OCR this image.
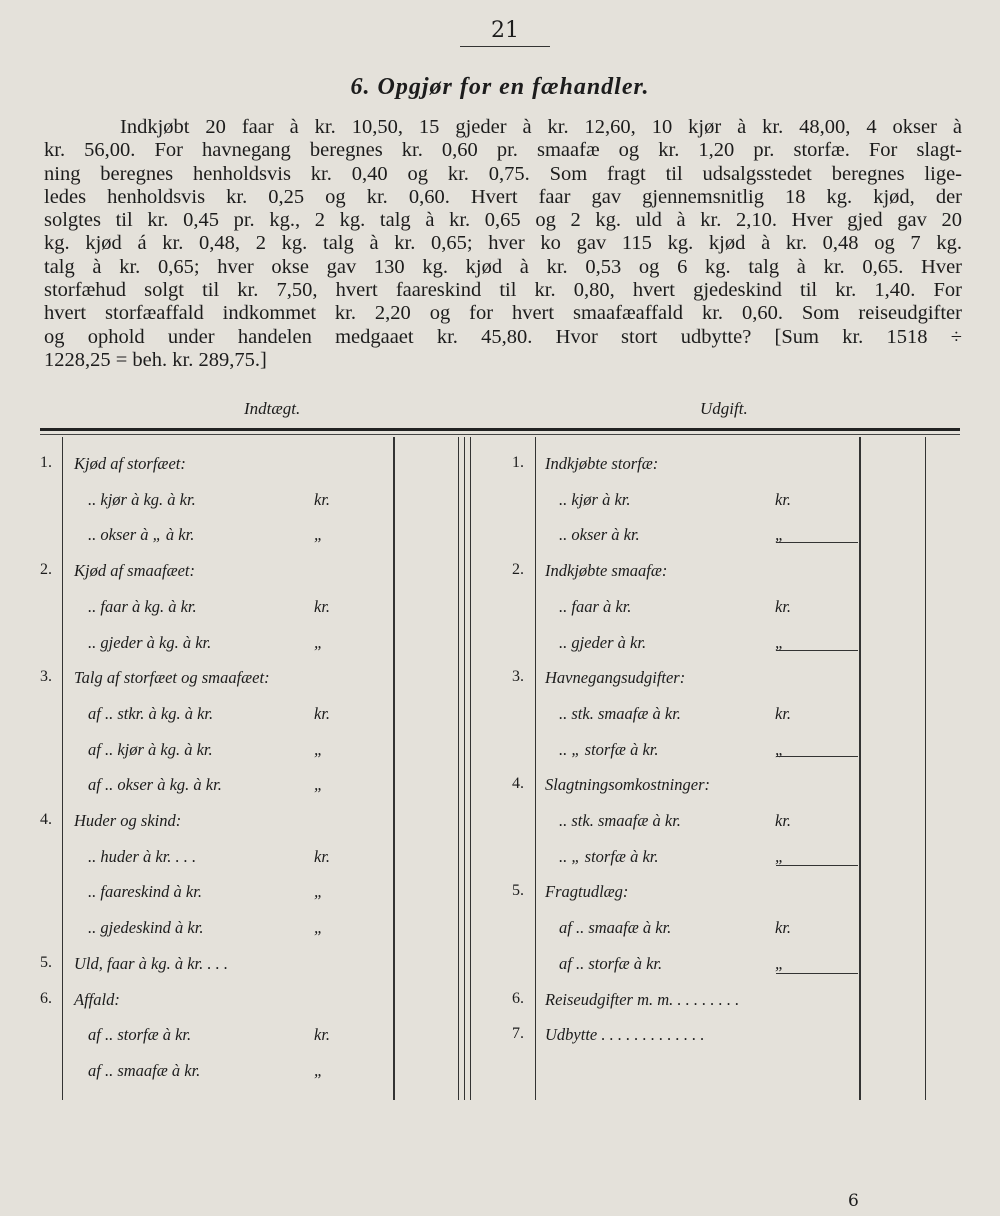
21
6. Opgjør for en fæhandler.
Indkjøbt 20 faar à kr. 10,50, 15 gjeder à kr. 12,60, 10 kjør à kr. 48,00, 4 okser à
kr. 56,00. For havnegang beregnes kr. 0,60 pr. smaafæ og kr. 1,20 pr. storfæ. For slagt-
ning beregnes henholdsvis kr. 0,40 og kr. 0,75. Som fragt til udsalgsstedet beregnes lige-
ledes henholdsvis kr. 0,25 og kr. 0,60. Hvert faar gav gjennemsnitlig 18 kg. kjød, der
solgtes til kr. 0,45 pr. kg., 2 kg. talg à kr. 0,65 og 2 kg. uld à kr. 2,10. Hver gjed gav 20
kg. kjød á kr. 0,48, 2 kg. talg à kr. 0,65; hver ko gav 115 kg. kjød à kr. 0,48 og 7 kg.
talg à kr. 0,65; hver okse gav 130 kg. kjød à kr. 0,53 og 6 kg. talg à kr. 0,65. Hver
storfæhud solgt til kr. 7,50, hvert faareskind til kr. 0,80, hvert gjedeskind til kr. 1,40. For
hvert storfæaffald indkommet kr. 2,20 og for hvert smaafæaffald kr. 0,60. Som reiseudgifter
og ophold under handelen medgaaet kr. 45,80. Hvor stort udbytte? [Sum kr. 1518 ÷
1228,25 = beh. kr. 289,75.]
Indtægt.	Udgift.
1. Kjød af storfæet:
.. kjør à kg. à kr.	kr.
.. okser à „ à kr.	„
2. Kjød af smaafæet:
.. faar à kg. à kr.	kr.
.. gjeder à kg. à kr.	„
3. Talg af storfæet og smaafæet:
af .. stkr. à kg. à kr.	kr.
af .. kjør à kg. à kr.	„
af .. okser à kg. à kr.	„
4. Huder og skind:
.. huder à kr. . . .	kr.
.. faareskind à kr.	„
.. gjedeskind à kr.	„
5. Uld, faar à kg. à kr. . . .
6. Affald:
af .. storfæ à kr.	kr.
af .. smaafæ à kr.	„
1. Indkjøbte storfæ:
.. kjør à kr.	kr.
.. okser à kr.	„
2. Indkjøbte smaafæ:
.. faar à kr.	kr.
.. gjeder à kr.	„
3. Havnegangsudgifter:
.. stk. smaafæ à kr.	kr.
.. „ storfæ à kr.	„
4. Slagtningsomkostninger:
.. stk. smaafæ à kr.	kr.
.. „ storfæ à kr.	„
5. Fragtudlæg:
af .. smaafæ à kr.	kr.
af .. storfæ à kr.	„
6. Reiseudgifter m. m. . . . . . . . .
7. Udbytte . . . . . . . . . . . . .
6
